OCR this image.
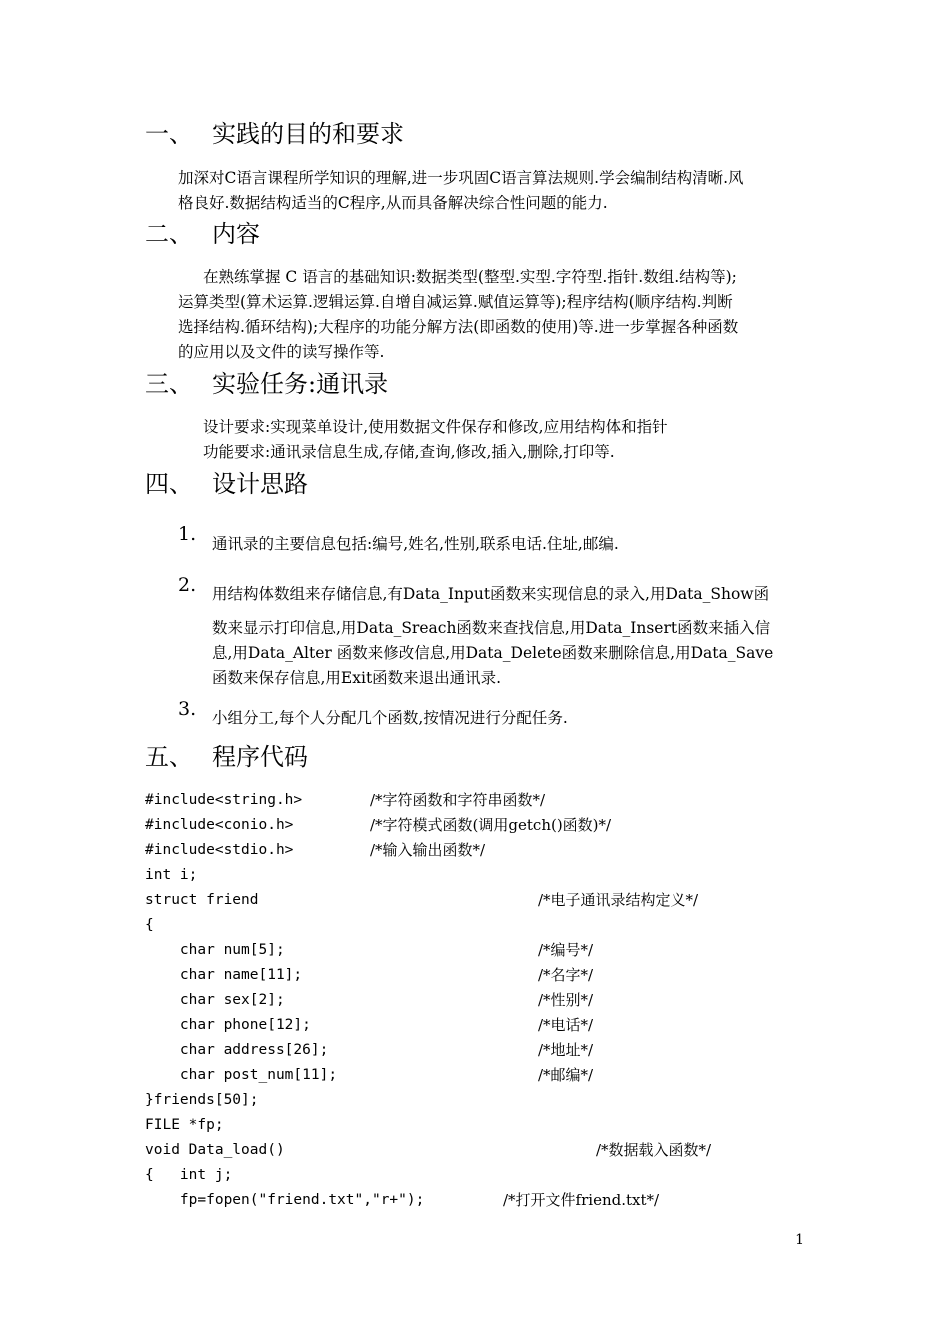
一、 实践的目的和要求
加深对C语言课程所学知识的理解,进一步巩固C语言算法规则.学会编制结构清晰.风
格良好.数据结构适当的C程序,从而具备解决综合性问题的能力.
二、 内容
在熟练掌握 C 语言的基础知识:数据类型(整型.实型.字符型.指针.数组.结构等);
运算类型(算术运算.逻辑运算.自增自减运算.赋值运算等);程序结构(顺序结构.判断
选择结构.循环结构);大程序的功能分解方法(即函数的使用)等.进一步掌握各种函数
的应用以及文件的读写操作等.
三、 实验任务:通讯录
设计要求:实现菜单设计,使用数据文件保存和修改,应用结构体和指针
功能要求:通讯录信息生成,存储,查询,修改,插入,删除,打印等.
四、 设计思路
1. 通讯录的主要信息包括:编号,姓名,性别,联系电话.住址,邮编.
2. 用结构体数组来存储信息,有Data_Input函数来实现信息的录入,用Data_Show函
数来显示打印信息,用Data_Sreach函数来查找信息,用Data_Insert函数来插入信
息,用Data_Alter 函数来修改信息,用Data_Delete函数来删除信息,用Data_Save
函数来保存信息,用Exit函数来退出通讯录.
3. 小组分工,每个人分配几个函数,按情况进行分配任务.
五、 程序代码
#include<string.h>	/*字符函数和字符串函数*/
#include<conio.h>	/*字符模式函数(调用getch()函数)*/
#include<stdio.h>	/*输入输出函数*/
int i;
struct friend	/*电子通讯录结构定义*/
{
char num[5];	/*编号*/
char name[11];	/*名字*/
char sex[2];	/*性别*/
char phone[12];	/*电话*/
char address[26];	/*地址*/
char post_num[11];	/*邮编*/
}friends[50];
FILE *fp;
void Data_load()	/*数据载入函数*/
{   int j;
fp=fopen("friend.txt","r+");	/*打开文件friend.txt*/
1
